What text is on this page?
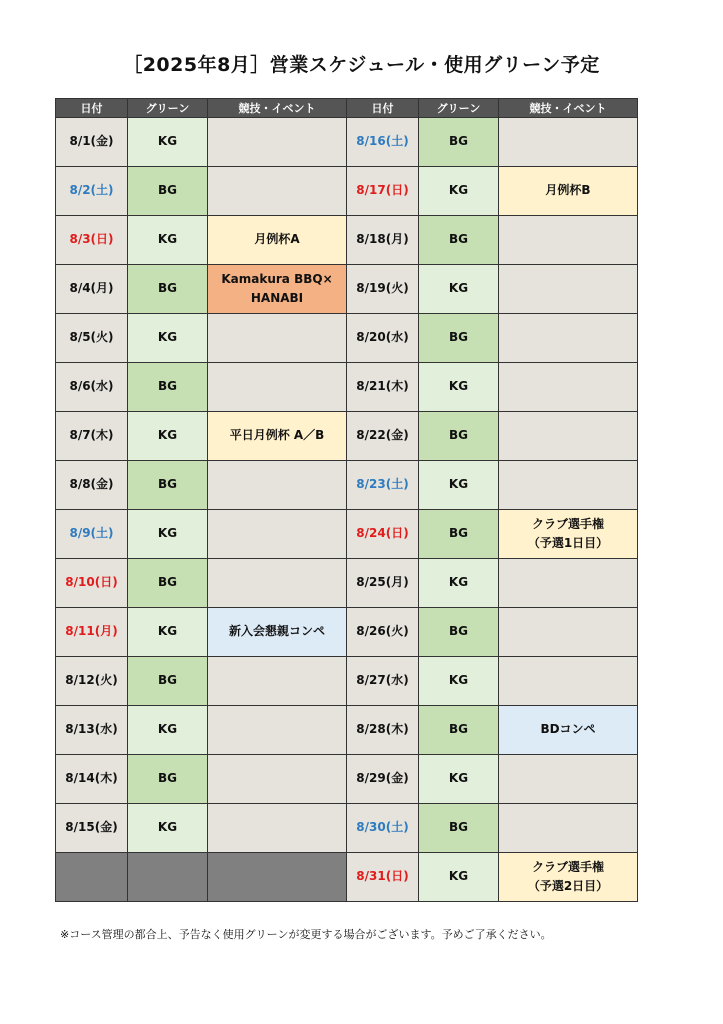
［2025年8月］営業スケジュール・使用グリーン予定
日付	グリーン	競技・イベント	日付	グリーン	競技・イベント
8/1(金)	KG		8/16(土)	BG	
8/2(土)	BG		8/17(日)	KG	月例杯B
8/3(日)	KG	月例杯A	8/18(月)	BG	
8/4(月)	BG	Kamakura BBQ×
HANABI	8/19(火)	KG	
8/5(火)	KG		8/20(水)	BG	
8/6(水)	BG		8/21(木)	KG	
8/7(木)	KG	平日月例杯 A／B	8/22(金)	BG	
8/8(金)	BG		8/23(土)	KG	
8/9(土)	KG		8/24(日)	BG	クラブ選手権
（予選1日目）
8/10(日)	BG		8/25(月)	KG	
8/11(月)	KG	新入会懇親コンペ	8/26(火)	BG	
8/12(火)	BG		8/27(水)	KG	
8/13(水)	KG		8/28(木)	BG	BDコンペ
8/14(木)	BG		8/29(金)	KG	
8/15(金)	KG		8/30(土)	BG	
			8/31(日)	KG	クラブ選手権
（予選2日目）
※コース管理の都合上、予告なく使用グリーンが変更する場合がございます。予めご了承ください。
